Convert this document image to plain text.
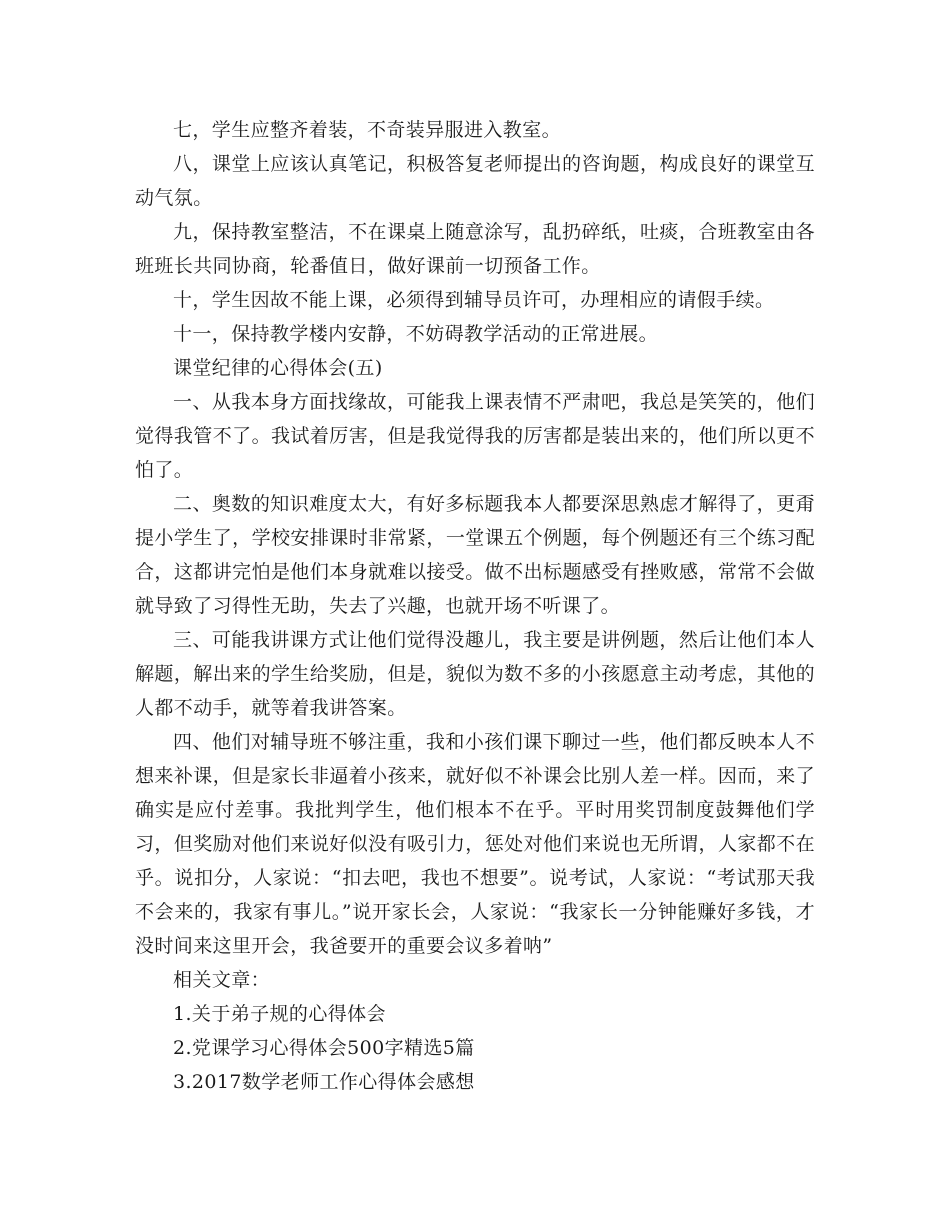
七，学生应整齐着装，不奇装异服进入教室。

八，课堂上应该认真笔记，积极答复老师提出的咨询题，构成良好的课堂互动气氛。

九，保持教室整洁，不在课桌上随意涂写，乱扔碎纸，吐痰，合班教室由各班班长共同协商，轮番值日，做好课前一切预备工作。

十，学生因故不能上课，必须得到辅导员许可，办理相应的请假手续。

十一，保持教学楼内安静，不妨碍教学活动的正常进展。

课堂纪律的心得体会(五)

一、从我本身方面找缘故，可能我上课表情不严肃吧，我总是笑笑的，他们觉得我管不了。我试着厉害，但是我觉得我的厉害都是装出来的，他们所以更不怕了。

二、奥数的知识难度太大，有好多标题我本人都要深思熟虑才解得了，更甭提小学生了，学校安排课时非常紧，一堂课五个例题，每个例题还有三个练习配合，这都讲完怕是他们本身就难以接受。做不出标题感受有挫败感，常常不会做就导致了习得性无助，失去了兴趣，也就开场不听课了。

三、可能我讲课方式让他们觉得没趣儿，我主要是讲例题，然后让他们本人解题，解出来的学生给奖励，但是，貌似为数不多的小孩愿意主动考虑，其他的人都不动手，就等着我讲答案。

四、他们对辅导班不够注重，我和小孩们课下聊过一些，他们都反映本人不想来补课，但是家长非逼着小孩来，就好似不补课会比别人差一样。因而，来了确实是应付差事。我批判学生，他们根本不在乎。平时用奖罚制度鼓舞他们学习，但奖励对他们来说好似没有吸引力，惩处对他们来说也无所谓，人家都不在乎。说扣分，人家说：“扣去吧，我也不想要”。说考试，人家说：“考试那天我不会来的，我家有事儿。”说开家长会，人家说：“我家长一分钟能赚好多钱，才没时间来这里开会，我爸要开的重要会议多着呐”

相关文章：

1.关于弟子规的心得体会
2.党课学习心得体会500字精选5篇
3.2017数学老师工作心得体会感想
